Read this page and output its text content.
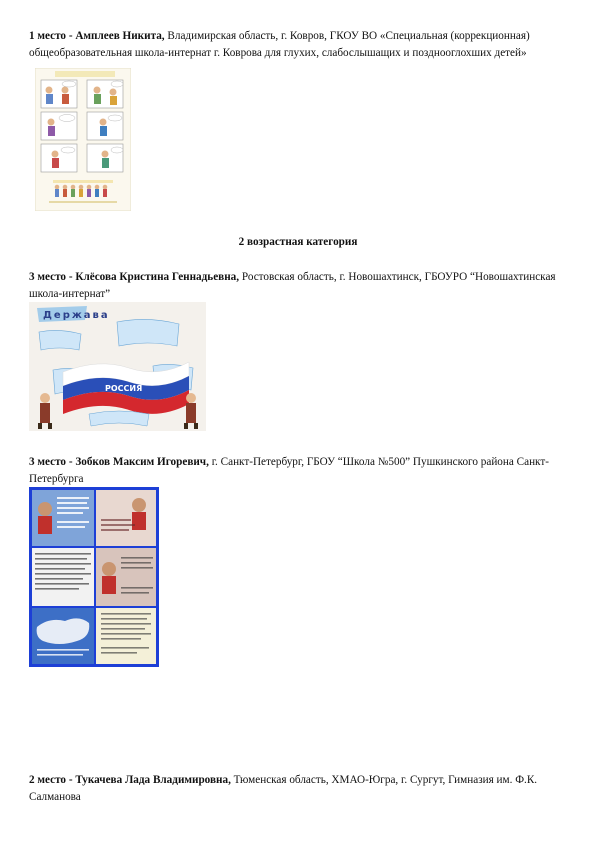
1 место - Амплеев Никита, Владимирская область, г. Ковров, ГКОУ ВО «Специальная (коррекционная) общеобразовательная школа-интернат г. Коврова для глухих, слабослышащих и позднооглохших детей»
2 возрастная категория
3 место - Клёсова Кристина Геннадьевна, Ростовская область, г. Новошахтинск, ГБОУРО “Новошахтинская школа-интернат”
Держава
РОССИЯ
3 место - Зобков Максим Игоревич, г. Санкт-Петербург, ГБОУ “Школа №500” Пушкинского района Санкт-Петербурга
2 место - Тукачева Лада Владимировна, Тюменская область, ХМАО-Югра, г. Сургут, Гимназия им. Ф.К. Салманова
